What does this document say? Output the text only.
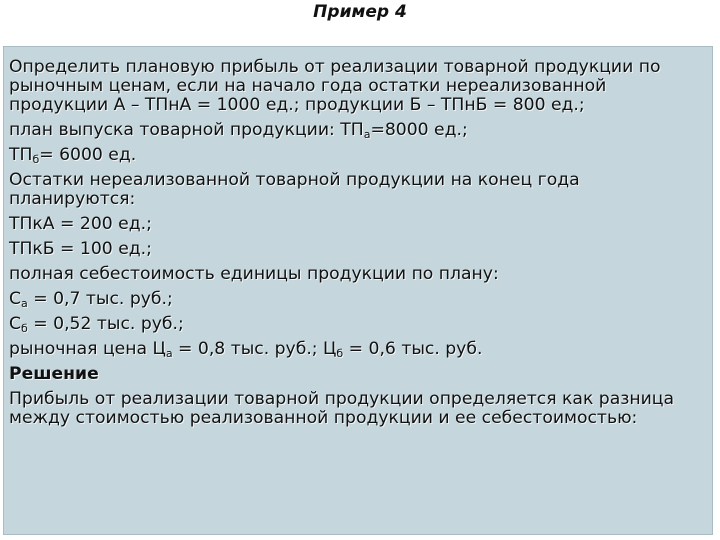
Пример 4

Определить плановую прибыль от реализации товарной продукции по рыночным ценам, если на начало года остатки нереализованной продукции А – ТПнА = 1000 ед.; продукции Б – ТПнБ = 800 ед.;

план выпуска товарной продукции: $ТП_а=8000$ ед.;

$ТП_б= 6000$ ед.

Остатки нереализованной товарной продукции на конец года планируются:

ТПкА = 200 ед.;

ТПкБ = 100 ед.;

полная себестоимость единицы продукции по плану:

$С_а = 0,7$ тыс. руб.;

$С_б = 0,52$ тыс. руб.;

рыночная цена $Ц_а = 0,8$ тыс. руб.; $Ц_б = 0,6$ тыс. руб.

Решение

Прибыль от реализации товарной продукции определяется как разница между стоимостью реализованной продукции и ее себестоимостью:
